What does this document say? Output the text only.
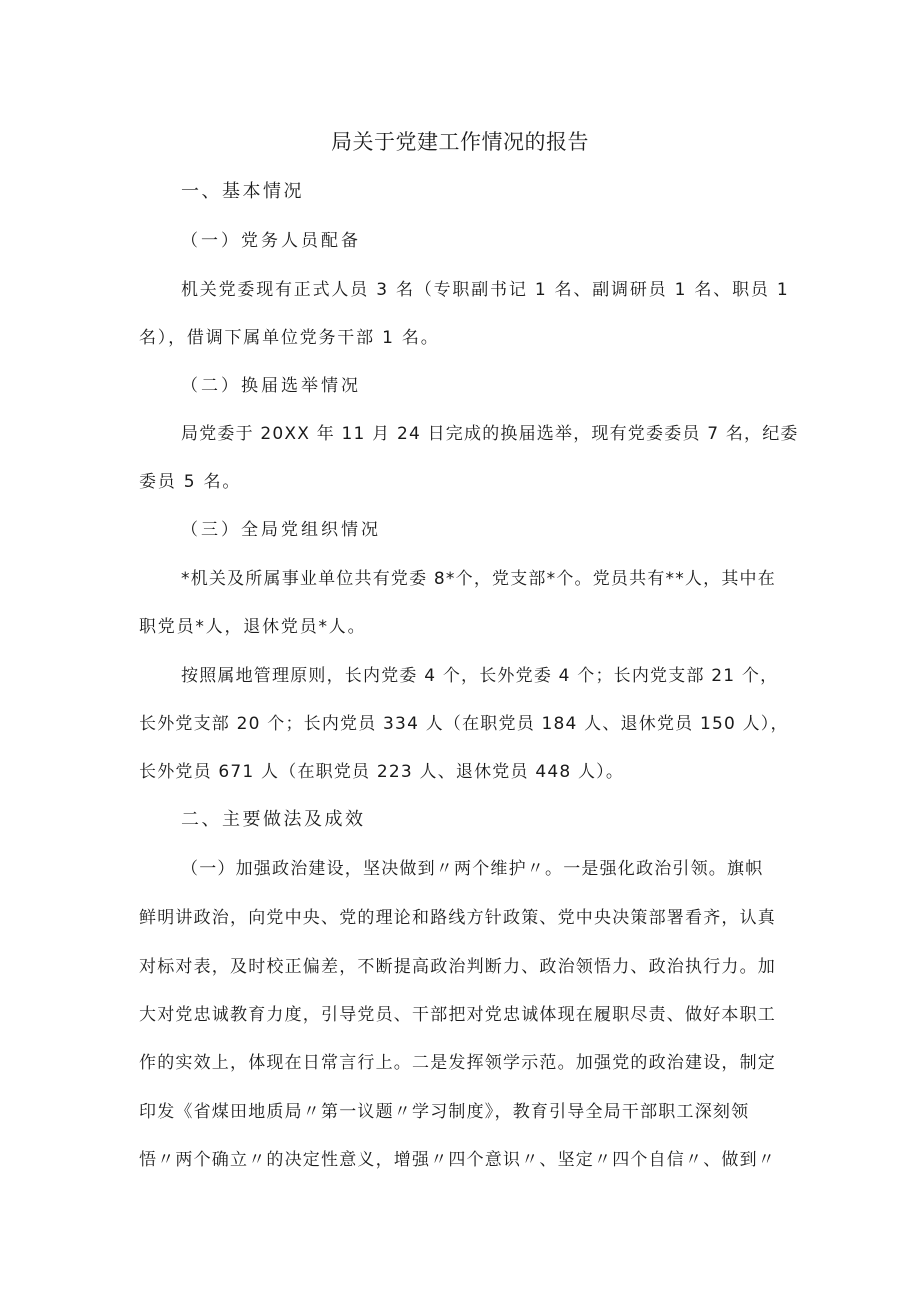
局关于党建工作情况的报告
一、基本情况
（一）党务人员配备
机关党委现有正式人员 3 名（专职副书记 1 名、副调研员 1 名、职员 1
名），借调下属单位党务干部 1 名。
（二）换届选举情况
局党委于 20XX 年 11 月 24 日完成的换届选举，现有党委委员 7 名，纪委
委员 5 名。
（三）全局党组织情况
*机关及所属事业单位共有党委 8*个，党支部*个。党员共有**人，其中在
职党员*人，退休党员*人。
按照属地管理原则，长内党委 4 个，长外党委 4 个；长内党支部 21 个，
长外党支部 20 个；长内党员 334 人（在职党员 184 人、退休党员 150 人），
长外党员 671 人（在职党员 223 人、退休党员 448 人）。
二、主要做法及成效
（一）加强政治建设，坚决做到〃两个维护〃。一是强化政治引领。旗帜
鲜明讲政治，向党中央、党的理论和路线方针政策、党中央决策部署看齐，认真
对标对表，及时校正偏差，不断提高政治判断力、政治领悟力、政治执行力。加
大对党忠诚教育力度，引导党员、干部把对党忠诚体现在履职尽责、做好本职工
作的实效上，体现在日常言行上。二是发挥领学示范。加强党的政治建设，制定
印发《省煤田地质局〃第一议题〃学习制度》，教育引导全局干部职工深刻领
悟〃两个确立〃的决定性意义，增强〃四个意识〃、坚定〃四个自信〃、做到〃
